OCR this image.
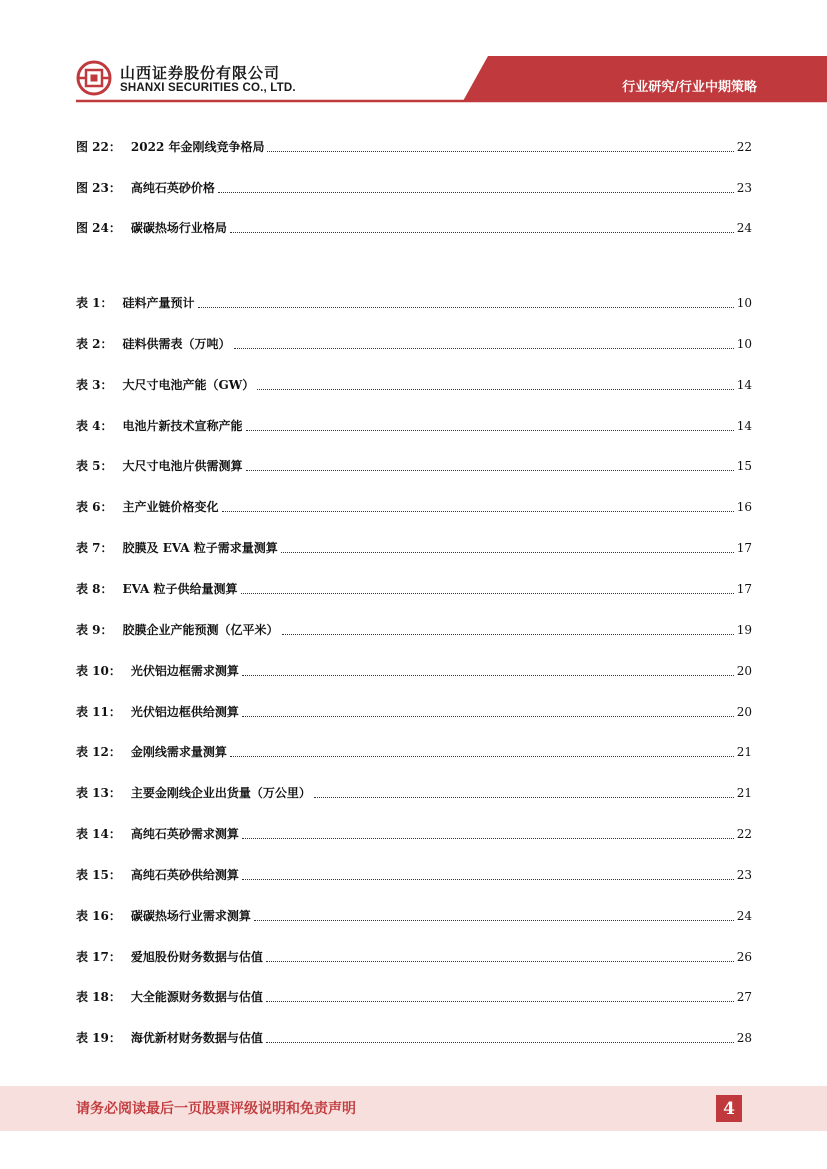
山西证券股份有限公司
SHANXI SECURITIES CO., LTD.	行业研究/行业中期策略
图 22： 2022 年金刚线竞争格局	22
图 23： 高纯石英砂价格	23
图 24： 碳碳热场行业格局	24
表 1： 硅料产量预计	10
表 2： 硅料供需表（万吨）	10
表 3： 大尺寸电池产能（GW）	14
表 4： 电池片新技术宣称产能	14
表 5： 大尺寸电池片供需测算	15
表 6： 主产业链价格变化	16
表 7： 胶膜及 EVA 粒子需求量测算	17
表 8： EVA 粒子供给量测算	17
表 9： 胶膜企业产能预测（亿平米）	19
表 10： 光伏铝边框需求测算	20
表 11： 光伏铝边框供给测算	20
表 12： 金刚线需求量测算	21
表 13： 主要金刚线企业出货量（万公里）	21
表 14： 高纯石英砂需求测算	22
表 15： 高纯石英砂供给测算	23
表 16： 碳碳热场行业需求测算	24
表 17： 爱旭股份财务数据与估值	26
表 18： 大全能源财务数据与估值	27
表 19： 海优新材财务数据与估值	28
请务必阅读最后一页股票评级说明和免责声明	4
